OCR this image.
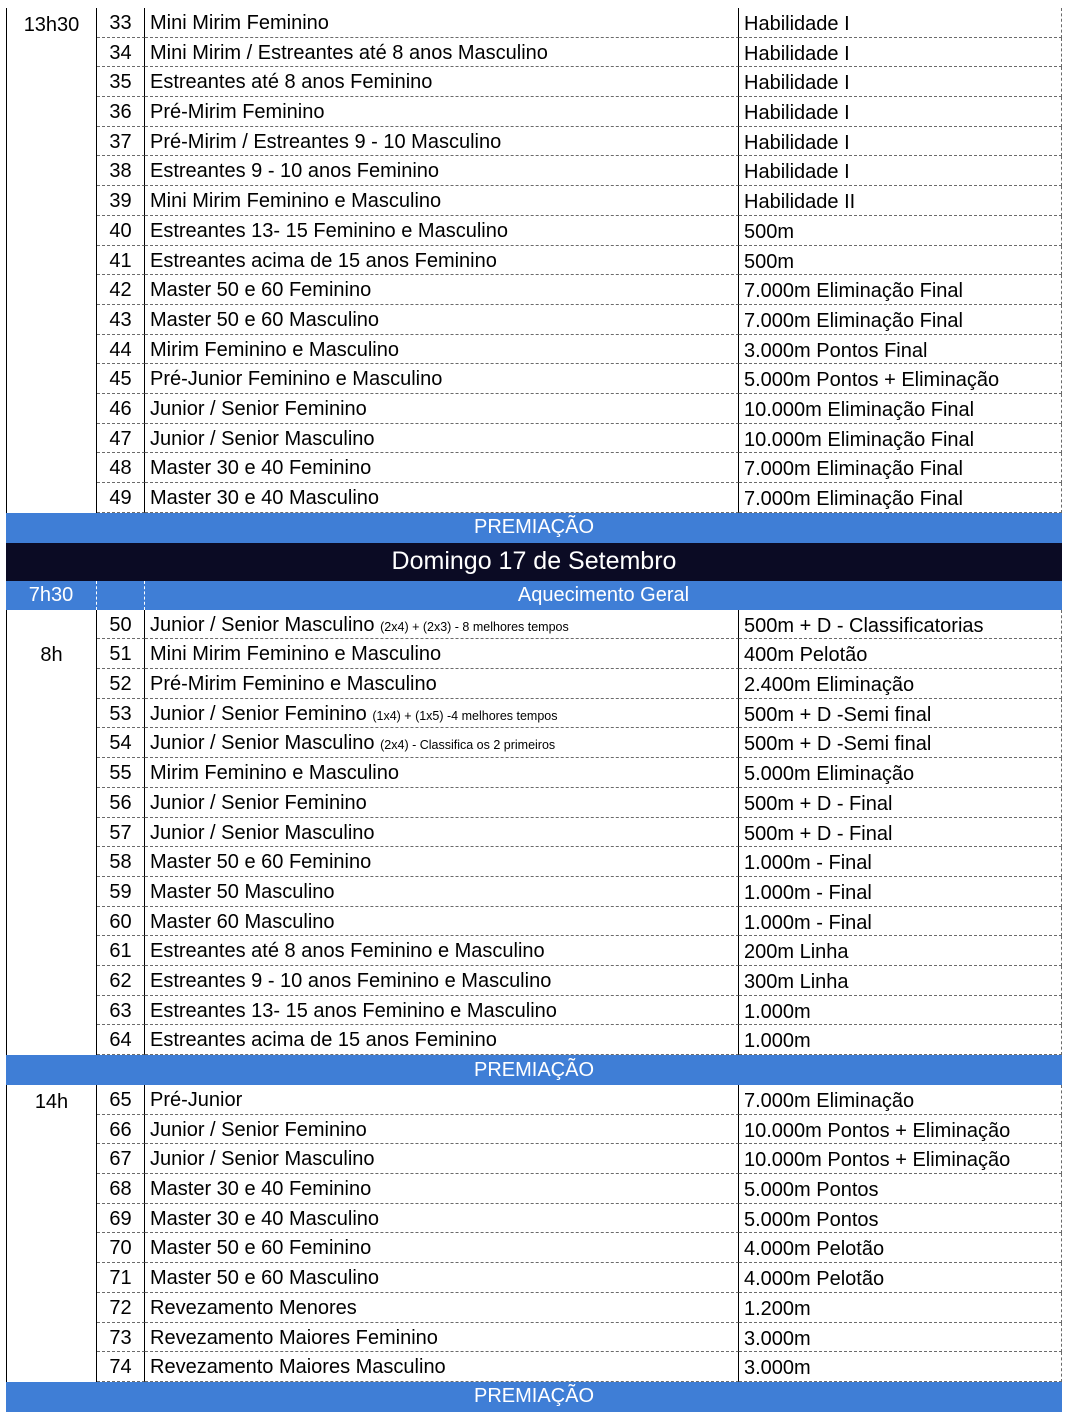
33 Mini Mirim Feminino	Habilidade I
34 Mini Mirim / Estreantes até 8 anos Masculino	Habilidade I
35 Estreantes até 8 anos Feminino	Habilidade I
36 Pré-Mirim Feminino	Habilidade I
37 Pré-Mirim / Estreantes 9 - 10 Masculino	Habilidade I
38 Estreantes 9 - 10 anos Feminino	Habilidade I
39 Mini Mirim Feminino e Masculino	Habilidade II
40 Estreantes 13- 15 Feminino e Masculino	500m
41 Estreantes acima de 15 anos Feminino	500m
42 Master 50 e 60 Feminino	7.000m Eliminação Final
43 Master 50 e 60 Masculino	7.000m Eliminação Final
44 Mirim Feminino e Masculino	3.000m Pontos Final
45 Pré-Junior Feminino e Masculino	5.000m Pontos + Eliminação
46 Junior / Senior Feminino	10.000m Eliminação Final
47 Junior / Senior Masculino	10.000m Eliminação Final
48 Master 30 e 40 Feminino	7.000m Eliminação Final
49 Master 30 e 40 Masculino	7.000m Eliminação Final
13h30
PREMIAÇÃO
Domingo 17 de Setembro
7h30	Aquecimento Geral
50 Junior / Senior Masculino (2x4) + (2x3) - 8 melhores tempos	500m + D - Classificatorias
51 Mini Mirim Feminino e Masculino	400m Pelotão
52 Pré-Mirim Feminino e Masculino	2.400m Eliminação
53 Junior / Senior Feminino (1x4) + (1x5) -4 melhores tempos	500m + D -Semi final
54 Junior / Senior Masculino (2x4) - Classifica os 2 primeiros	500m + D -Semi final
55 Mirim Feminino e Masculino	5.000m Eliminação
56 Junior / Senior Feminino	500m + D - Final
57 Junior / Senior Masculino	500m + D - Final
58 Master 50 e 60 Feminino	1.000m - Final
59 Master 50 Masculino	1.000m - Final
60 Master 60 Masculino	1.000m - Final
61 Estreantes até 8 anos Feminino e Masculino	200m Linha
62 Estreantes 9 - 10 anos Feminino e Masculino	300m Linha
63 Estreantes 13- 15 anos Feminino e Masculino	1.000m
64 Estreantes acima de 15 anos Feminino	1.000m
8h
PREMIAÇÃO
65 Pré-Junior	7.000m Eliminação
66 Junior / Senior Feminino	10.000m Pontos + Eliminação
67 Junior / Senior Masculino	10.000m Pontos + Eliminação
68 Master 30 e 40 Feminino	5.000m Pontos
69 Master 30 e 40 Masculino	5.000m Pontos
70 Master 50 e 60 Feminino	4.000m Pelotão
71 Master 50 e 60 Masculino	4.000m Pelotão
72 Revezamento Menores	1.200m
73 Revezamento Maiores Feminino	3.000m
74 Revezamento Maiores Masculino	3.000m
14h
PREMIAÇÃO
